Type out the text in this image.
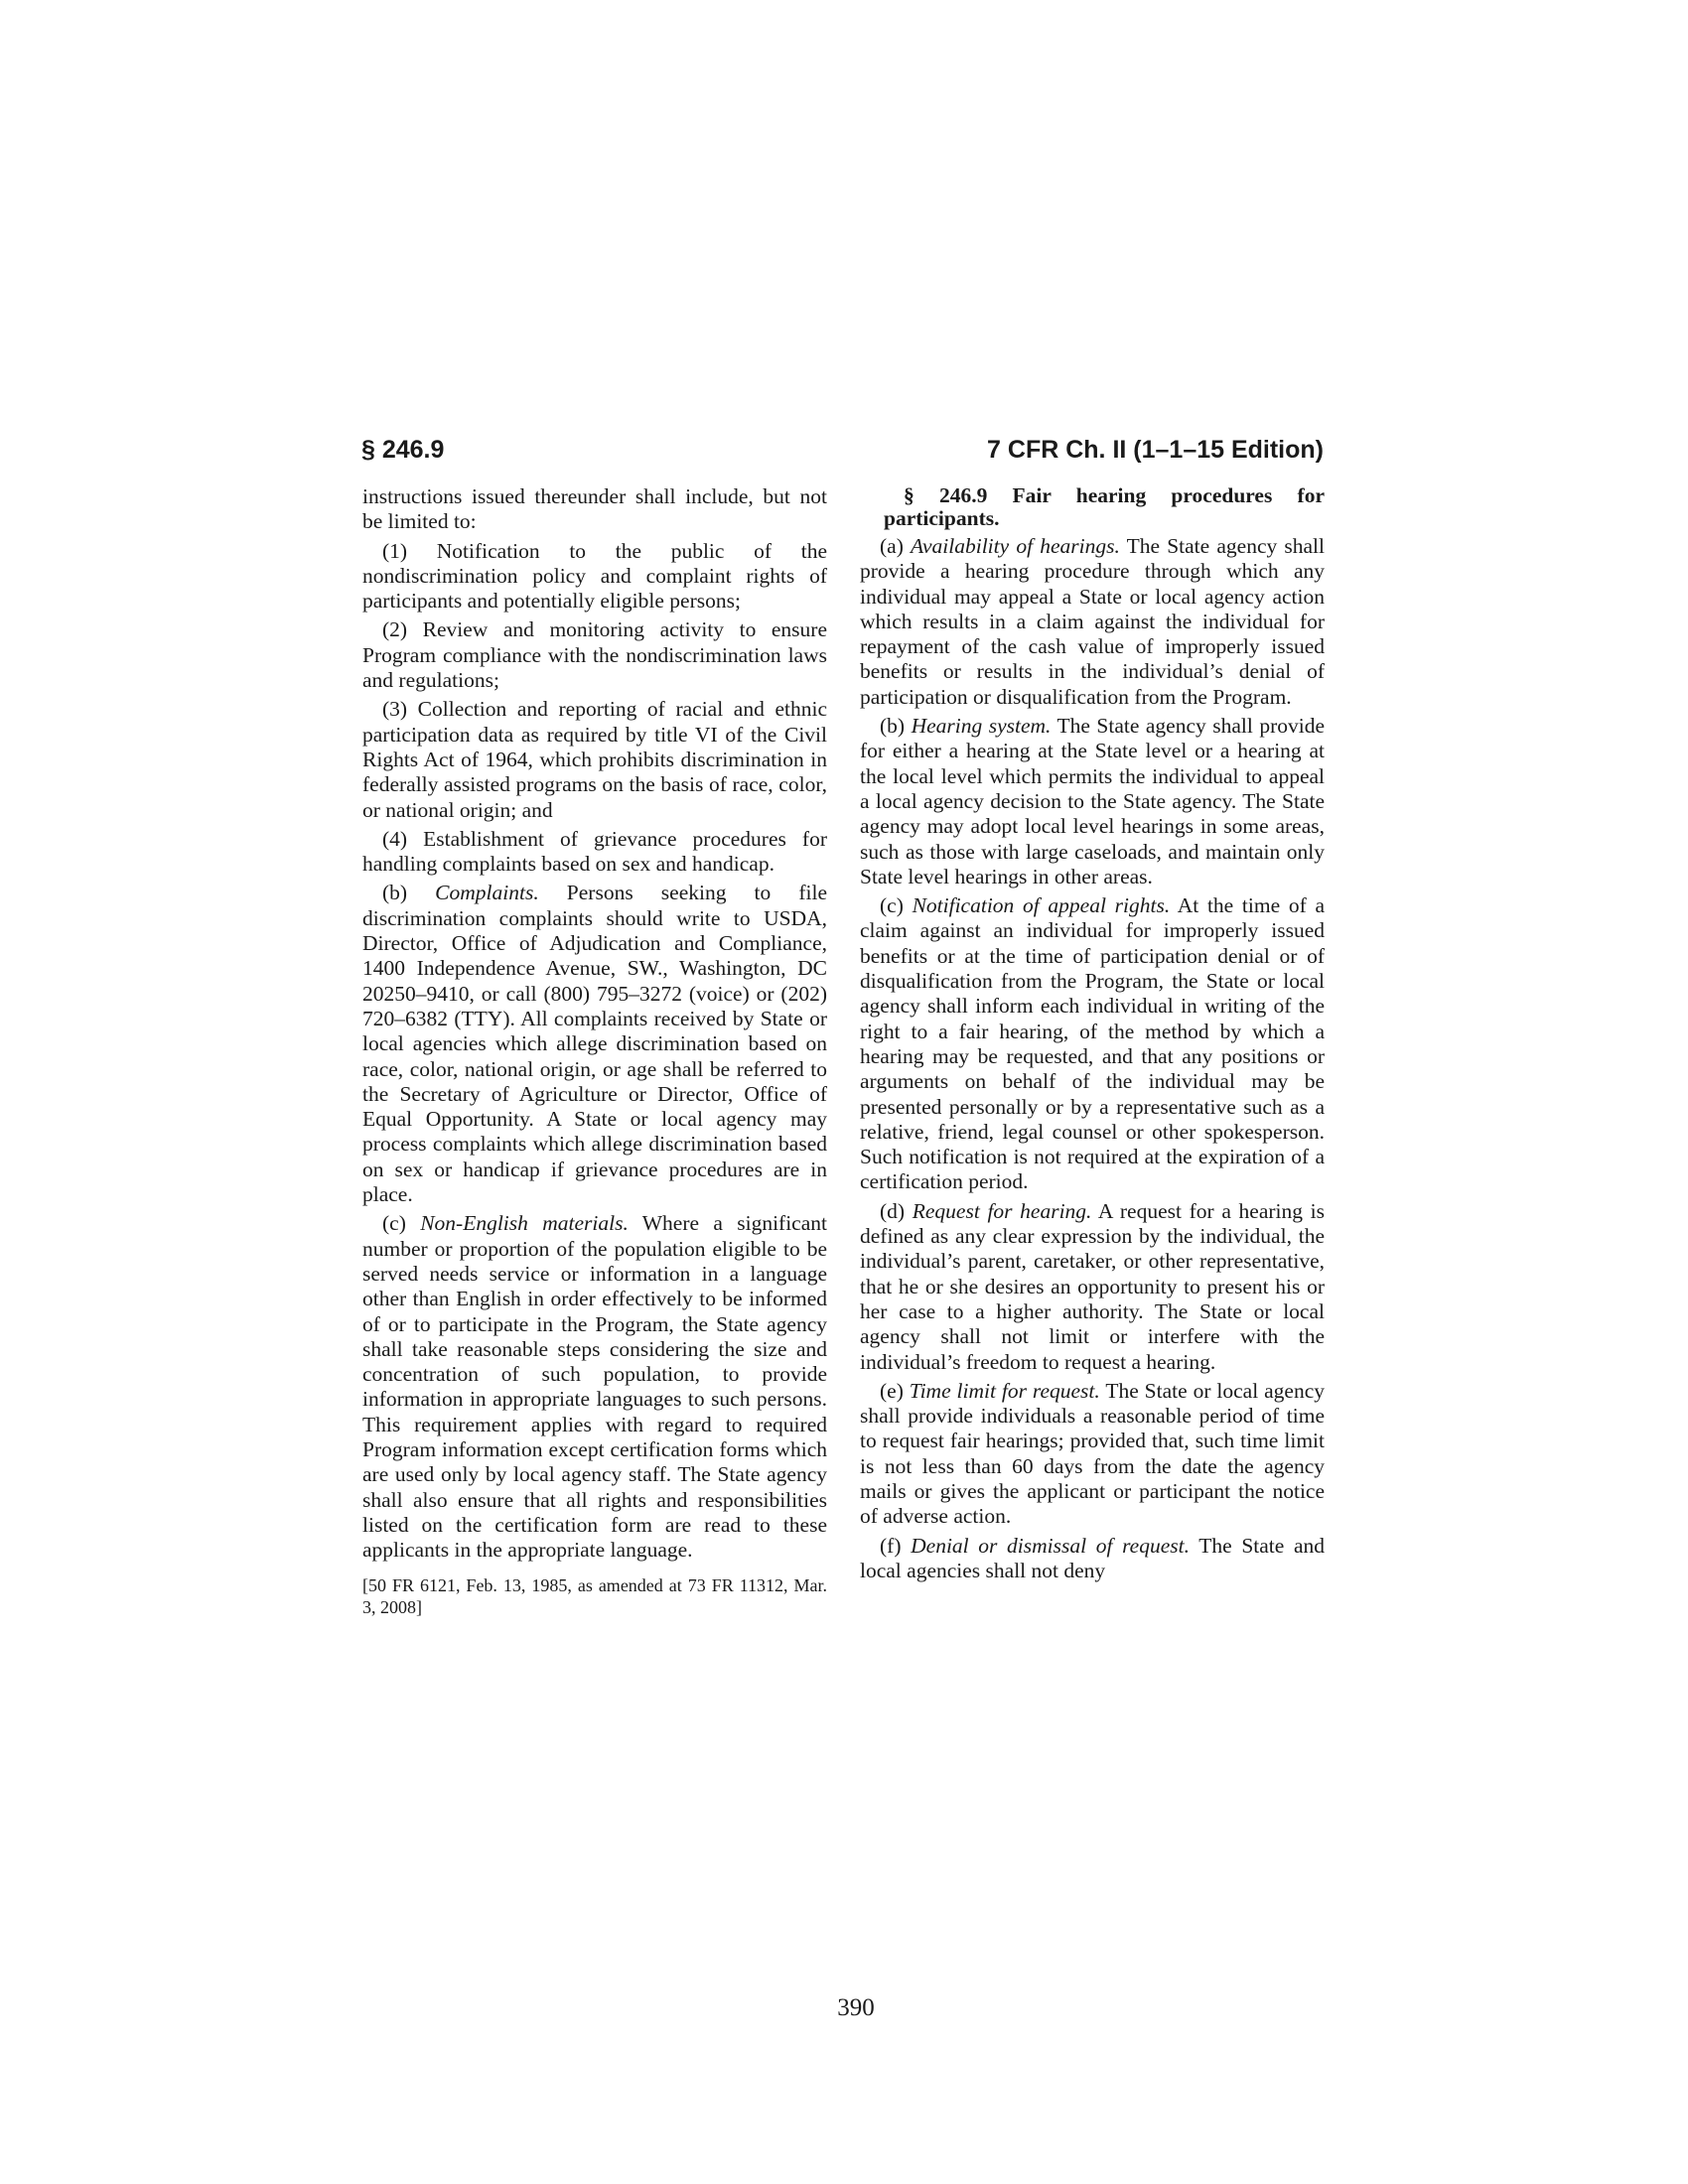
§ 246.9	7 CFR Ch. II (1–1–15 Edition)

instructions issued thereunder shall include, but not be limited to:

(1) Notification to the public of the nondiscrimination policy and complaint rights of participants and potentially eligible persons;

(2) Review and monitoring activity to ensure Program compliance with the nondiscrimination laws and regulations;

(3) Collection and reporting of racial and ethnic participation data as required by title VI of the Civil Rights Act of 1964, which prohibits discrimination in federally assisted programs on the basis of race, color, or national origin; and

(4) Establishment of grievance procedures for handling complaints based on sex and handicap.

(b) Complaints. Persons seeking to file discrimination complaints should write to USDA, Director, Office of Adjudication and Compliance, 1400 Independence Avenue, SW., Washington, DC 20250–9410, or call (800) 795–3272 (voice) or (202) 720–6382 (TTY). All complaints received by State or local agencies which allege discrimination based on race, color, national origin, or age shall be referred to the Secretary of Agriculture or Director, Office of Equal Opportunity. A State or local agency may process complaints which allege discrimination based on sex or handicap if grievance procedures are in place.

(c) Non-English materials. Where a significant number or proportion of the population eligible to be served needs service or information in a language other than English in order effectively to be informed of or to participate in the Program, the State agency shall take reasonable steps considering the size and concentration of such population, to provide information in appropriate languages to such persons. This requirement applies with regard to required Program information except certification forms which are used only by local agency staff. The State agency shall also ensure that all rights and responsibilities listed on the certification form are read to these applicants in the appropriate language.

[50 FR 6121, Feb. 13, 1985, as amended at 73 FR 11312, Mar. 3, 2008]

§ 246.9 Fair hearing procedures for participants.

(a) Availability of hearings. The State agency shall provide a hearing procedure through which any individual may appeal a State or local agency action which results in a claim against the individual for repayment of the cash value of improperly issued benefits or results in the individual’s denial of participation or disqualification from the Program.

(b) Hearing system. The State agency shall provide for either a hearing at the State level or a hearing at the local level which permits the individual to appeal a local agency decision to the State agency. The State agency may adopt local level hearings in some areas, such as those with large caseloads, and maintain only State level hearings in other areas.

(c) Notification of appeal rights. At the time of a claim against an individual for improperly issued benefits or at the time of participation denial or of disqualification from the Program, the State or local agency shall inform each individual in writing of the right to a fair hearing, of the method by which a hearing may be requested, and that any positions or arguments on behalf of the individual may be presented personally or by a representative such as a relative, friend, legal counsel or other spokesperson. Such notification is not required at the expiration of a certification period.

(d) Request for hearing. A request for a hearing is defined as any clear expression by the individual, the individual’s parent, caretaker, or other representative, that he or she desires an opportunity to present his or her case to a higher authority. The State or local agency shall not limit or interfere with the individual’s freedom to request a hearing.

(e) Time limit for request. The State or local agency shall provide individuals a reasonable period of time to request fair hearings; provided that, such time limit is not less than 60 days from the date the agency mails or gives the applicant or participant the notice of adverse action.

(f) Denial or dismissal of request. The State and local agencies shall not deny

390
